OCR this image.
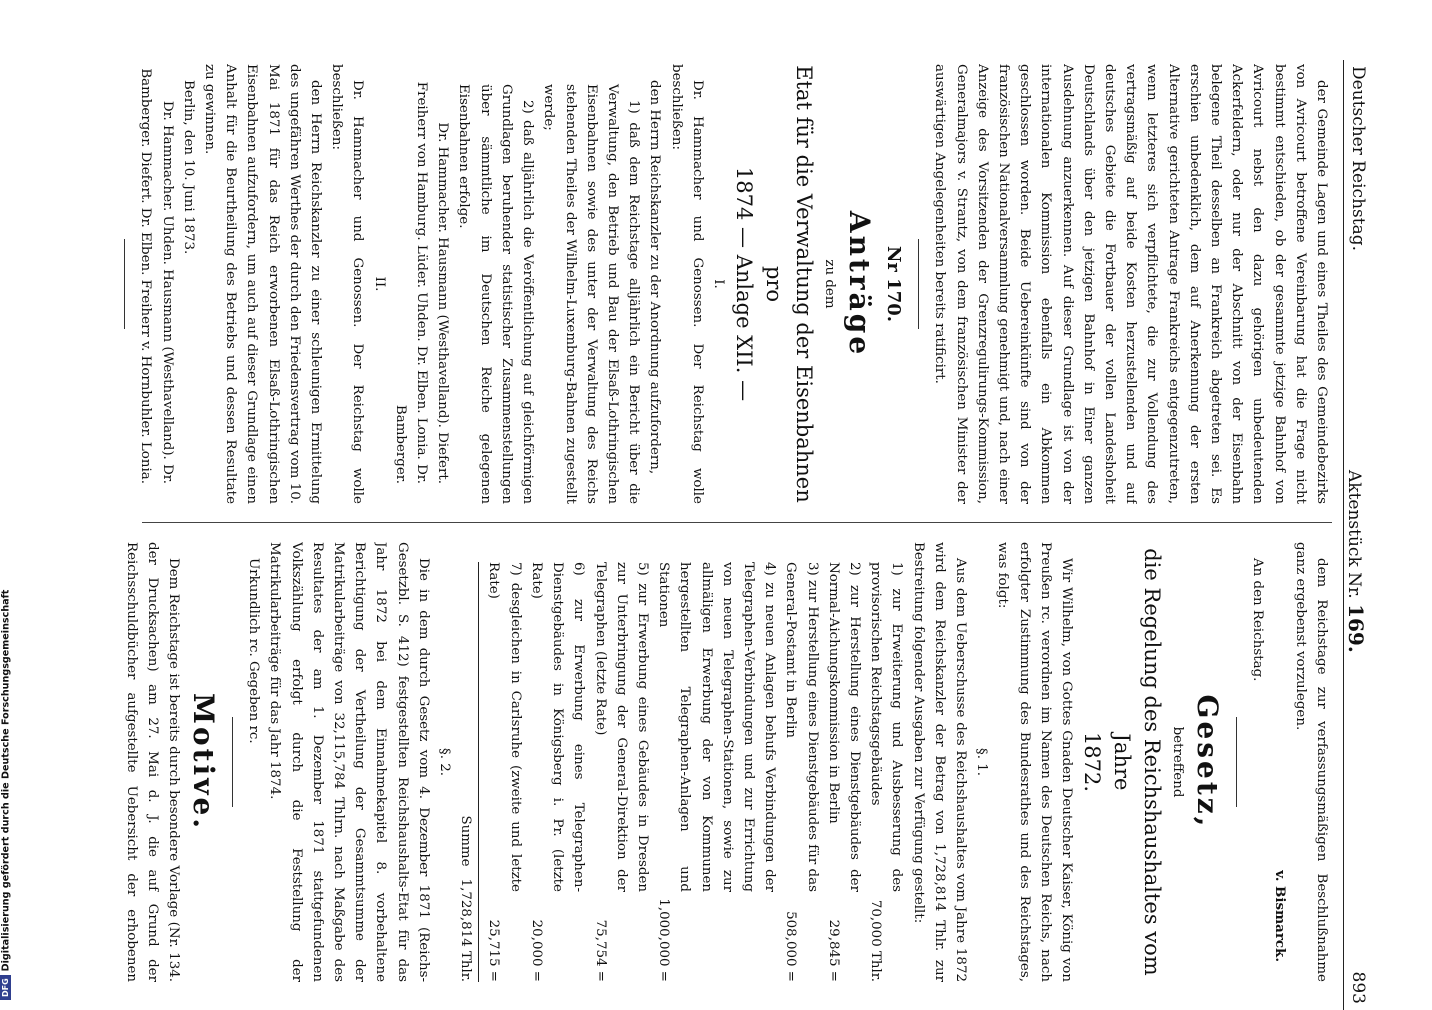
Deutscher Reichstag.
Aktenstück Nr. 169.
893

der Gemeinde Lagen und eines Theiles des Gemeindebezirks von Avricourt betroffene Vereinbarung hat die Frage nicht bestimmt entschieden, ob der gesammte jetzige Bahnhof von Avricourt nebst den dazu gehörigen unbedeutenden Ackerfeldern, oder nur der Abschnitt von der Eisenbahn belegene Theil desselben an Frankreich abgetreten sei. Es erschien unbedenklich, dem auf Anerkennung der ersten Alternative gerichteten Antrage Frankreichs entgegenzutreten, wenn letzteres sich verpflichtete, die zur Vollendung des vertragsmäßig auf beide Kosten herzustellenden und auf deutsches Gebiete die Fortbauer der vollen Landeshoheit Deutschlands über den jetzigen Bahnhof in Einer ganzen Ausdehnung anzuerkennen. Auf dieser Grundlage ist von der internationalen Kommission ebenfalls ein Abkommen geschlossen worden. Beide Uebereinkünfte sind von der französischen Nationalversammlung genehmigt und, nach einer Anzeige des Vorsitzenden der Grenzregulirungs-Kommission, Generalmajors v. Strantz, von dem französischen Minister der auswärtigen Angelegenheiten bereits ratificirt.

Nr 170.

Anträge

zu dem

Etat für die Verwaltung der Eisenbahnen pro

1874 — Anlage XII. —

I.

Dr. Hammacher und Genossen. Der Reichstag wolle beschließen:

den Herrn Reichskanzler zu der Anordnung aufzufordern,

1) daß dem Reichstage alljährlich ein Bericht über die Verwaltung, den Betrieb und Bau der Elsaß-Lothringischen Eisenbahnen sowie des unter der Verwaltung des Reichs stehenden Theiles der Wilhelm-Luxemburg-Bahnen zugestellt werde;

2) daß alljährlich die Veröffentlichung auf gleichförmigen Grundlagen beruhender statistischer Zusammenstellungen über sämmtliche im Deutschen Reiche gelegenen Eisenbahnen erfolge.

Dr. Hammacher. Hausmann (Westhavelland). Diefert. Freiherr von Hamburg. Lüder. Uhden. Dr. Elben. Lonia. Dr. Bamberger.

II.

Dr. Hammacher und Genossen. Der Reichstag wolle beschließen:

den Herrn Reichskanzler zu einer schleunigen Ermittelung des ungefähren Werthes der durch den Friedensvertrag vom 10. Mai 1871 für das Reich erworbenen Elsaß-Lothringischen Eisenbahnen aufzufordern, um auch auf dieser Grundlage einen Anhalt für die Beurtheilung des Betriebs und dessen Resultate zu gewinnen.

Berlin, den 10. Juni 1873.

Dr. Hammacher. Uhden. Hausmann (Westhavelland). Dr. Bamberger. Diefert. Dr. Elben. Freiherr v. Hornbuhler. Lonia.

dem Reichstage zur verfassungsmäßigen Beschlußnahme ganz ergebenst vorzulegen.

v. Bismarck.

An den Reichstag.

Gesetz,

betreffend

die Regelung des Reichshaushaltes vom Jahre

1872.

Wir Wilhelm, von Gottes Gnaden Deutscher Kaiser, König von Preußen rc. verordnen im Namen des Deutschen Reichs, nach erfolgter Zustimmung des Bundesrathes und des Reichstages, was folgt:

§. 1.

Aus dem Ueberschusse des Reichshaushaltes vom Jahre 1872 wird dem Reichskanzler der Betrag von 1,728,814 Thlr. zur Bestreitung folgender Ausgaben zur Verfügung gestellt:

1) zur Erweiterung und Ausbesserung des provisorischen Reichstagsgebäudes
70,000 Thlr.
2) zur Herstellung eines Dienstgebäudes der Normal-Aichungskommission in Berlin
29,845 =
3) zur Herstellung eines Dienstgebäudes für das General-Postamt in Berlin
508,000 =
4) zu neuen Anlagen behufs Verbindungen der Telegraphen-Verbindungen und zur Errichtung von neuen Telegraphen-Stationen, sowie zur allmäligen Erwerbung der von Kommunen hergestellten Telegraphen-Anlagen und Stationen
1,000,000 =
5) zur Erwerbung eines Gebäudes in Dresden zur Unterbringung der General-Direktion der Telegraphen (letzte Rate)
75,754 =
6) zur Erwerbung eines Telegraphen-Dienstgebäudes in Königsberg i. Pr. (letzte Rate)
20,000 =
7) desgleichen in Carlsruhe (zweite und letzte Rate)
25,715 =
Summe
1,728,814 Thlr.

§. 2.

Die in dem durch Gesetz vom 4. Dezember 1871 (Reichs-Gesetzbl. S. 412) festgestellten Reichshaushalts-Etat für das Jahr 1872 bei dem Einnahmekapitel 8. vorbehaltene Berichtigung der Vertheilung der Gesammtsumme der Matrikularbeiträge von 32,115,784 Thlrn. nach Maßgabe des Resultates der am 1. Dezember 1871 stattgefundenen Volkszählung erfolgt durch die Feststellung der Matrikularbeiträge für das Jahr 1874.

Urkundlich rc. Gegeben rc.

Motive.

Dem Reichstage ist bereits durch besondere Vorlage (Nr. 134. der Drucksachen) am 27. Mai d. J. die auf Grund der Reichsschuldbücher aufgestellte Uebersicht der erhobenen

DFGDigitalisierung gefördert durch die Deutsche Forschungsgemeinschaft
